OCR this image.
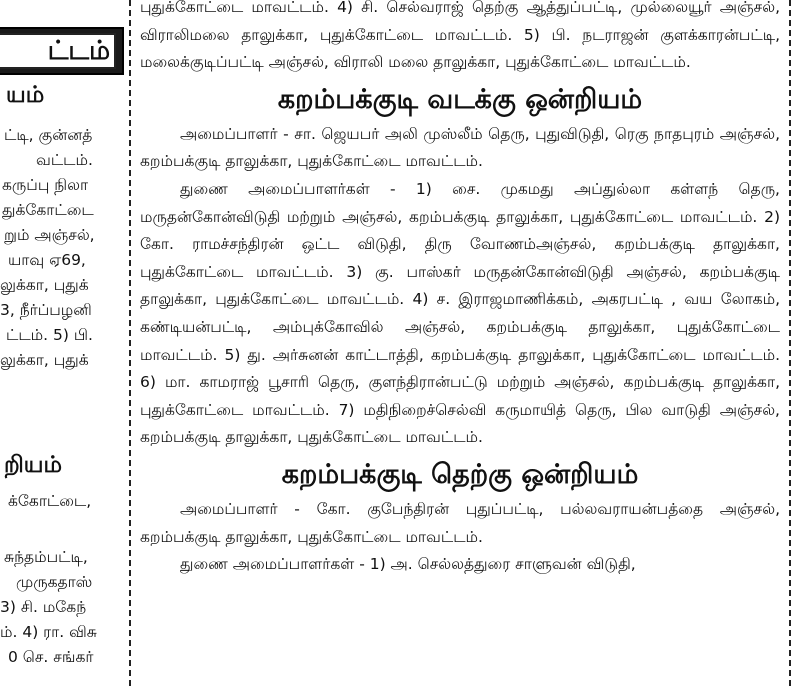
ட்டம்
யம்
ட்டி, குன்னத்
வட்டம்.
கருப்பு நிலா
துக்கோட்டை
றும் அஞ்சல்,
யாவு ஏ69,
லுக்கா, புதுக்
3, நீர்ப்பழனி
ட்டம். 5) பி.
லுக்கா, புதுக்
றியம்
க்கோட்டை,
சுந்தம்பட்டி,
முருகதாஸ்
3) சி. மகேந்
ம். 4) ரா. விசு
0 செ. சங்கர்

புதுக்கோட்டை மாவட்டம். 4) சி. செல்வராஜ் தெற்கு ஆத்துப்பட்டி, முல்லையூர் அஞ்சல், விராலிமலை தாலுக்கா, புதுக்கோட்டை மாவட்டம். 5) பி. நடராஜன் குளக்காரன்பட்டி, மலைக்குடிப்பட்டி அஞ்சல், விராலி மலை தாலுக்கா, புதுக்கோட்டை மாவட்டம்.

கறம்பக்குடி வடக்கு ஒன்றியம்

அமைப்பாளர் - சா. ஜெயபர் அலி முஸ்லீம் தெரு, புதுவிடுதி, ரெகு நாதபுரம் அஞ்சல், கறம்பக்குடி தாலுக்கா, புதுக்கோட்டை மாவட்டம்.

துணை அமைப்பாளர்கள் - 1) சை. முகமது அப்துல்லா கள்ளந் தெரு, மருதன்கோன்விடுதி மற்றும் அஞ்சல், கறம்பக்குடி தாலுக்கா, புதுக்கோட்டை மாவட்டம். 2) கோ. ராமச்சந்திரன் ஒட்ட விடுதி, திரு வோணம்அஞ்சல், கறம்பக்குடி தாலுக்கா, புதுக்கோட்டை மாவட்டம். 3) கு. பாஸ்கர் மருதன்கோன்விடுதி அஞ்சல், கறம்பக்குடி தாலுக்கா, புதுக்கோட்டை மாவட்டம். 4) ச. இராஜமாணிக்கம், அகரபட்டி , வய லோகம், கண்டியன்பட்டி, அம்புக்கோவில் அஞ்சல், கறம்பக்குடி தாலுக்கா, புதுக்கோட்டை மாவட்டம். 5) து. அர்சுனன் காட்டாத்தி, கறம்பக்குடி தாலுக்கா, புதுக்கோட்டை மாவட்டம். 6) மா. காமராஜ் பூசாரி தெரு, குளந்திரான்பட்டு மற்றும் அஞ்சல், கறம்பக்குடி தாலுக்கா, புதுக்கோட்டை மாவட்டம். 7) மதிநிறைச்செல்வி கருமாயித் தெரு, பில வாடுதி அஞ்சல், கறம்பக்குடி தாலுக்கா, புதுக்கோட்டை மாவட்டம்.

கறம்பக்குடி தெற்கு ஒன்றியம்

அமைப்பாளர் - கோ. குபேந்திரன் புதுப்பட்டி, பல்லவராயன்பத்தை அஞ்சல், கறம்பக்குடி தாலுக்கா, புதுக்கோட்டை மாவட்டம்.

துணை அமைப்பாளர்கள் - 1) அ. செல்லத்துரை சாளுவன் விடுதி,
